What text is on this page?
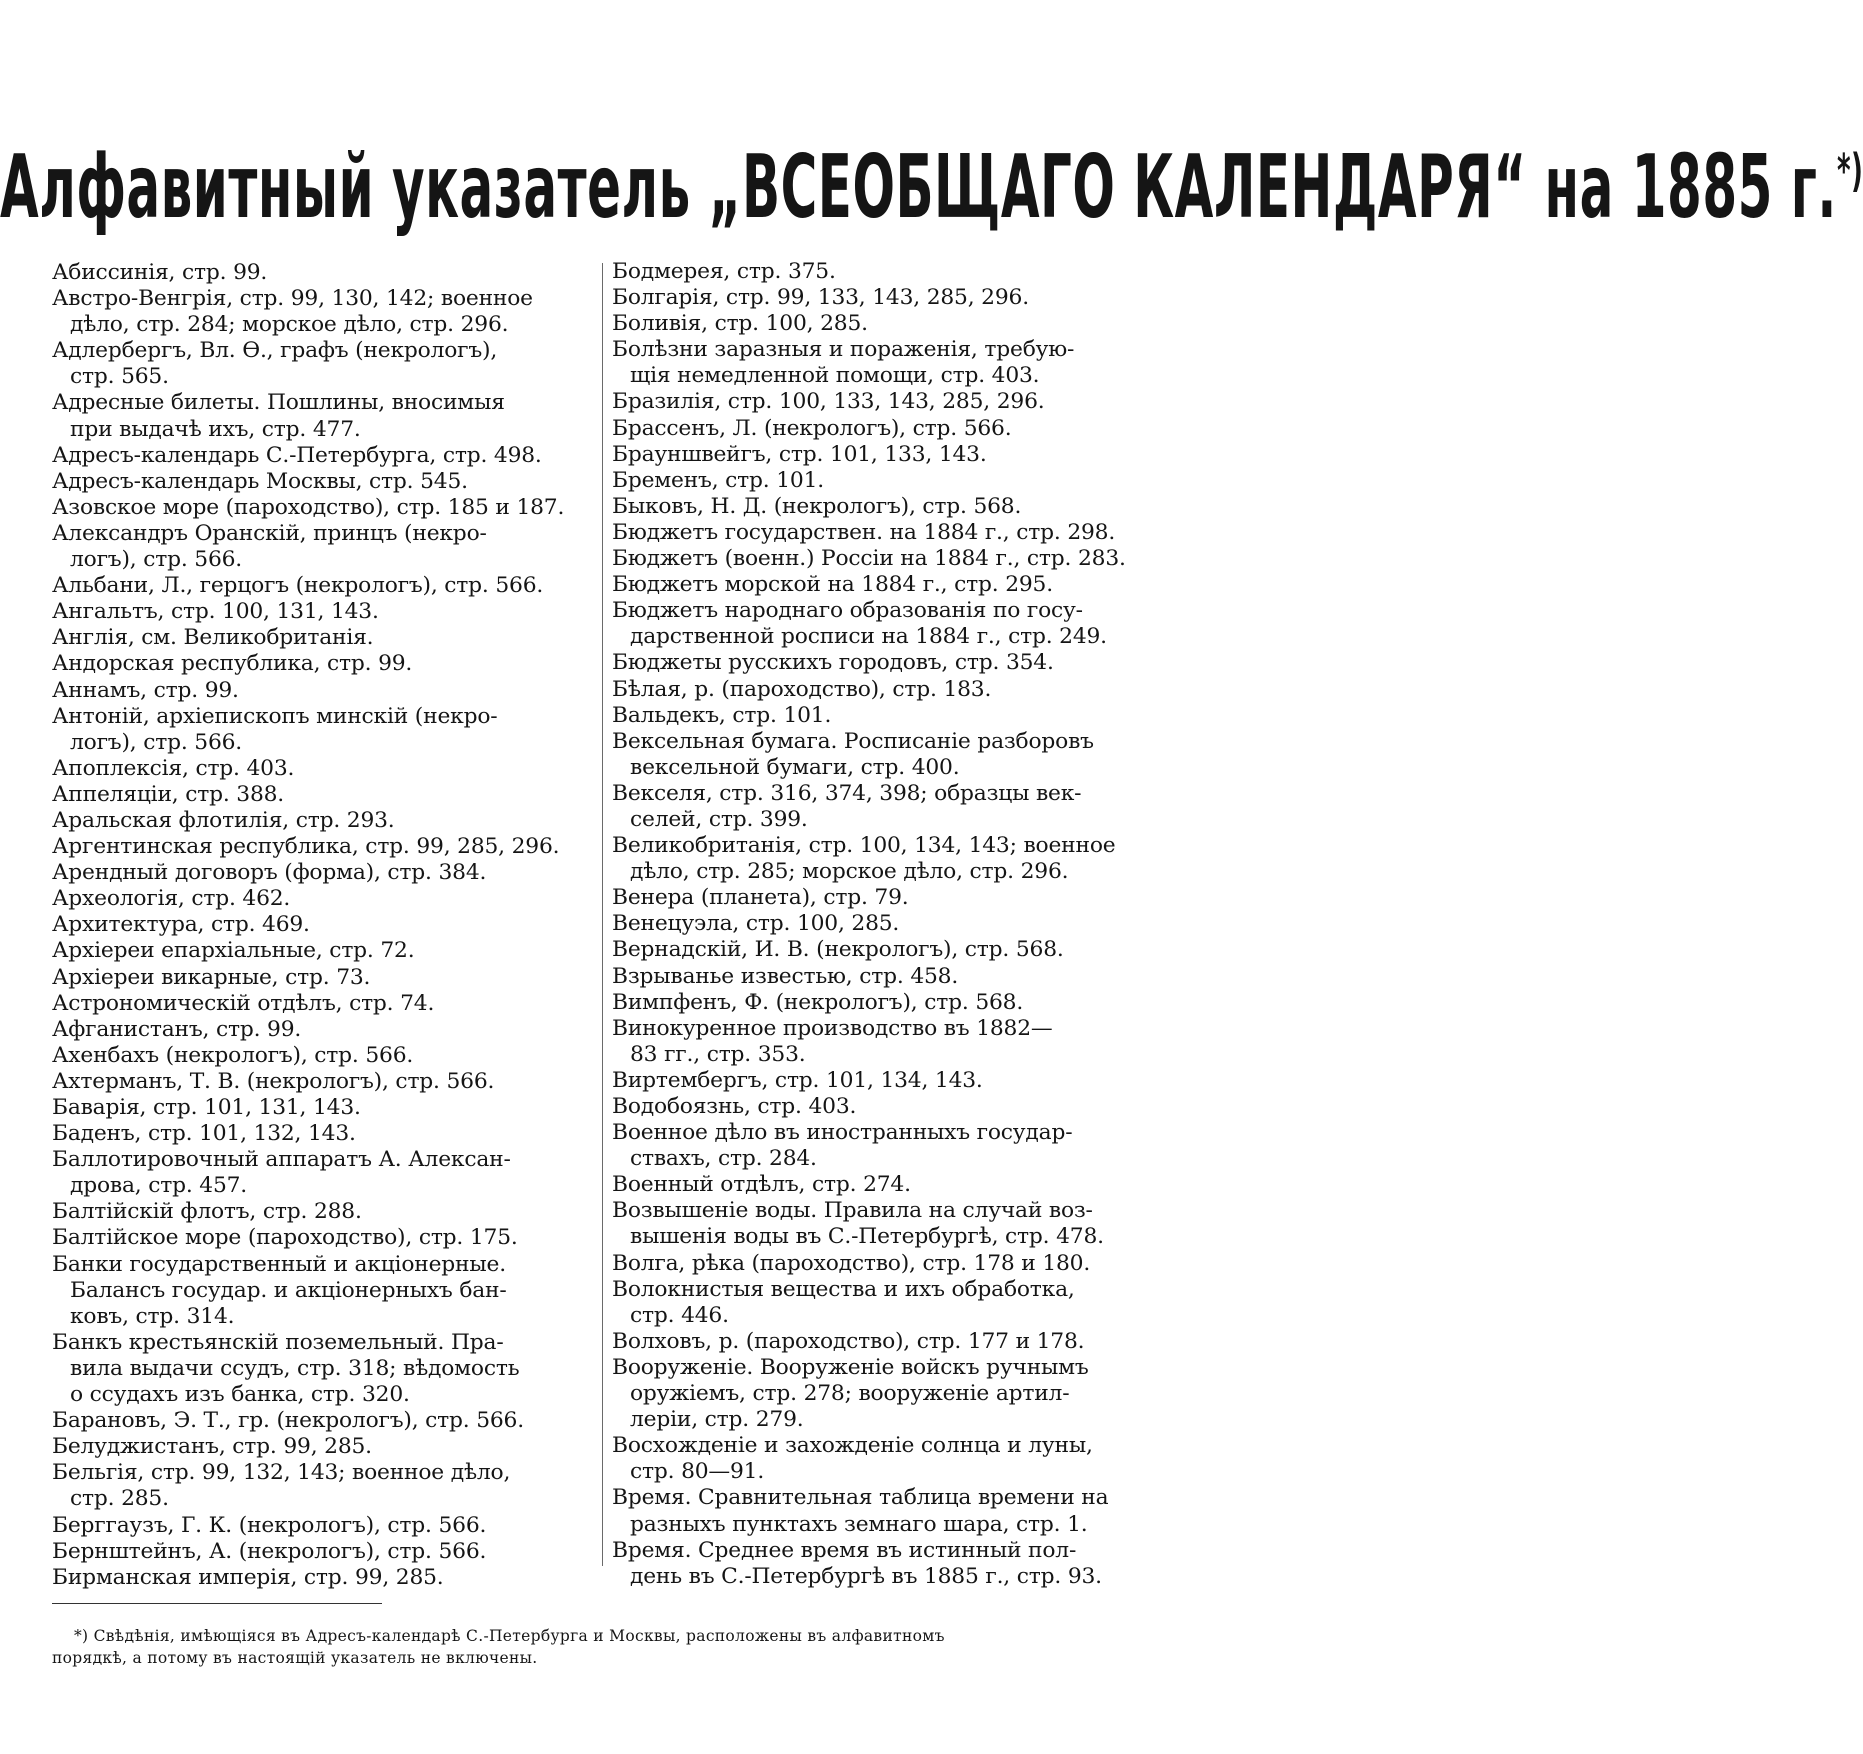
Алфавитный указатель „ВСЕОБЩАГО КАЛЕНДАРЯ“ на 1885 г.*)
Абиссинія, стр. 99.
Австро-Венгрія, стр. 99, 130, 142; военное
дѣло, стр. 284; морское дѣло, стр. 296.
Адлербергъ, Вл. Ѳ., графъ (некрологъ),
стр. 565.
Адресные билеты. Пошлины, вносимыя
при выдачѣ ихъ, стр. 477.
Адресъ-календарь С.-Петербурга, стр. 498.
Адресъ-календарь Москвы, стр. 545.
Азовское море (пароходство), стр. 185 и 187.
Александръ Оранскій, принцъ (некро-
логъ), стр. 566.
Альбани, Л., герцогъ (некрологъ), стр. 566.
Ангальтъ, стр. 100, 131, 143.
Англія, см. Великобританія.
Андорская республика, стр. 99.
Аннамъ, стр. 99.
Антоній, архіепископъ минскій (некро-
логъ), стр. 566.
Апоплексія, стр. 403.
Аппеляціи, стр. 388.
Аральская флотилія, стр. 293.
Аргентинская республика, стр. 99, 285, 296.
Арендный договоръ (форма), стр. 384.
Археологія, стр. 462.
Архитектура, стр. 469.
Архіереи епархіальные, стр. 72.
Архіереи викарные, стр. 73.
Астрономическій отдѣлъ, стр. 74.
Афганистанъ, стр. 99.
Ахенбахъ (некрологъ), стр. 566.
Ахтерманъ, Т. В. (некрологъ), стр. 566.
Баварія, стр. 101, 131, 143.
Баденъ, стр. 101, 132, 143.
Баллотировочный аппаратъ А. Алексан-
дрова, стр. 457.
Балтійскій флотъ, стр. 288.
Балтійское море (пароходство), стр. 175.
Банки государственный и акціонерные.
Балансъ государ. и акціонерныхъ бан-
ковъ, стр. 314.
Банкъ крестьянскій поземельный. Пра-
вила выдачи ссудъ, стр. 318; вѣдомость
о ссудахъ изъ банка, стр. 320.
Барановъ, Э. Т., гр. (некрологъ), стр. 566.
Белуджистанъ, стр. 99, 285.
Бельгія, стр. 99, 132, 143; военное дѣло,
стр. 285.
Берггаузъ, Г. К. (некрологъ), стр. 566.
Бернштейнъ, А. (некрологъ), стр. 566.
Бирманская имперія, стр. 99, 285.
Бодмерея, стр. 375.
Болгарія, стр. 99, 133, 143, 285, 296.
Боливія, стр. 100, 285.
Болѣзни заразныя и пораженія, требую-
щія немедленной помощи, стр. 403.
Бразилія, стр. 100, 133, 143, 285, 296.
Брассенъ, Л. (некрологъ), стр. 566.
Брауншвейгъ, стр. 101, 133, 143.
Бременъ, стр. 101.
Быковъ, Н. Д. (некрологъ), стр. 568.
Бюджетъ государствен. на 1884 г., стр. 298.
Бюджетъ (военн.) Россіи на 1884 г., стр. 283.
Бюджетъ морской на 1884 г., стр. 295.
Бюджетъ народнаго образованія по госу-
дарственной росписи на 1884 г., стр. 249.
Бюджеты русскихъ городовъ, стр. 354.
Бѣлая, р. (пароходство), стр. 183.
Вальдекъ, стр. 101.
Вексельная бумага. Росписаніе разборовъ
вексельной бумаги, стр. 400.
Векселя, стр. 316, 374, 398; образцы век-
селей, стр. 399.
Великобританія, стр. 100, 134, 143; военное
дѣло, стр. 285; морское дѣло, стр. 296.
Венера (планета), стр. 79.
Венецуэла, стр. 100, 285.
Вернадскій, И. В. (некрологъ), стр. 568.
Взрыванье известью, стр. 458.
Вимпфенъ, Ф. (некрологъ), стр. 568.
Винокуренное производство въ 1882—
83 гг., стр. 353.
Виртембергъ, стр. 101, 134, 143.
Водобоязнь, стр. 403.
Военное дѣло въ иностранныхъ государ-
ствахъ, стр. 284.
Военный отдѣлъ, стр. 274.
Возвышеніе воды. Правила на случай воз-
вышенія воды въ С.-Петербургѣ, стр. 478.
Волга, рѣка (пароходство), стр. 178 и 180.
Волокнистыя вещества и ихъ обработка,
стр. 446.
Волховъ, р. (пароходство), стр. 177 и 178.
Вооруженіе. Вооруженіе войскъ ручнымъ
оружіемъ, стр. 278; вооруженіе артил-
леріи, стр. 279.
Восхожденіе и захожденіе солнца и луны,
стр. 80—91.
Время. Сравнительная таблица времени на
разныхъ пунктахъ земнаго шара, стр. 1.
Время. Среднее время въ истинный пол-
день въ С.-Петербургѣ въ 1885 г., стр. 93.
*) Свѣдѣнія, имѣющіяся въ Адресъ-календарѣ С.-Петербурга и Москвы, расположены въ алфавитномъ
порядкѣ, а потому въ настоящій указатель не включены.
